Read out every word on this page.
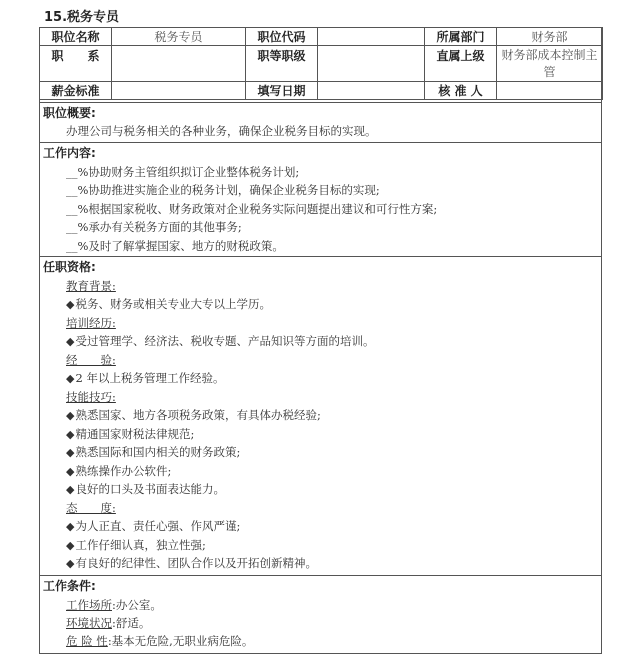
15.税务专员
职位名称	税务专员	职位代码		所属部门	财务部
职　　系		职等职级		直属上级	财务部成本控制主管
薪金标准		填写日期		核 准 人	
职位概要:
办理公司与税务相关的各种业务，确保企业税务目标的实现。
工作内容:
__%协助财务主管组织拟订企业整体税务计划;
__%协助推进实施企业的税务计划，确保企业税务目标的实现;
__%根据国家税收、财务政策对企业税务实际问题提出建议和可行性方案;
__%承办有关税务方面的其他事务;
__%及时了解掌握国家、地方的财税政策。
任职资格:
教育背景:
◆税务、财务或相关专业大专以上学历。
培训经历:
◆受过管理学、经济法、税收专题、产品知识等方面的培训。
经　　验:
◆2 年以上税务管理工作经验。
技能技巧:
◆熟悉国家、地方各项税务政策，有具体办税经验;
◆精通国家财税法律规范;
◆熟悉国际和国内相关的财务政策;
◆熟练操作办公软件;
◆良好的口头及书面表达能力。
态　　度:
◆为人正直、责任心强、作风严谨;
◆工作仔细认真，独立性强;
◆有良好的纪律性、团队合作以及开拓创新精神。
工作条件:
工作场所:办公室。
环境状况:舒适。
危 险 性:基本无危险,无职业病危险。
